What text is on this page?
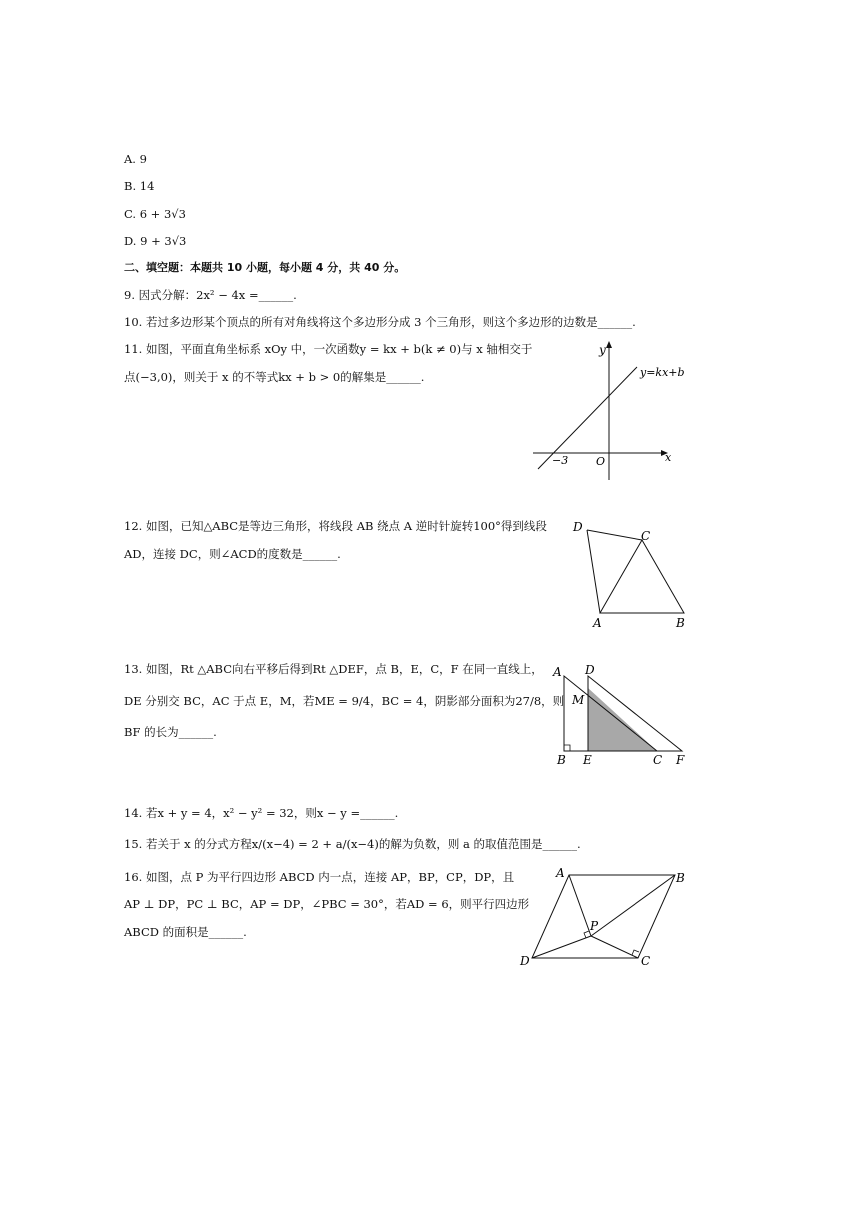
A. 9
B. 14
C. 6 + 3√3
D. 9 + 3√3
二、填空题：本题共 10 小题，每小题 4 分，共 40 分。
9. 因式分解：2x² − 4x =______.
10. 若过多边形某个顶点的所有对角线将这个多边形分成 3 个三角形，则这个多边形的边数是______.
11. 如图，平面直角坐标系 xOy 中，一次函数y = kx + b(k ≠ 0)与 x 轴相交于
点(−3,0)，则关于 x 的不等式kx + b > 0的解集是______.
y
y=kx+b
−3	O	x
12. 如图，已知△ABC是等边三角形，将线段 AB 绕点 A 逆时针旋转100°得到线段
AD，连接 DC，则∠ACD的度数是______.
D
C
A	B
13. 如图，Rt △ABC向右平移后得到Rt △DEF，点 B，E，C，F 在同一直线上，
DE 分别交 BC，AC 于点 E，M，若ME = 9/4，BC = 4，阴影部分面积为27/8，则
BF 的长为______.
A D
M
B E	C F
14. 若x + y = 4，x² − y² = 32，则x − y =______.
15. 若关于 x 的分式方程x/(x−4) = 2 + a/(x−4)的解为负数，则 a 的取值范围是______.
16. 如图，点 P 为平行四边形 ABCD 内一点，连接 AP，BP，CP，DP，且
AP ⊥ DP，PC ⊥ BC，AP = DP，∠PBC = 30°，若AD = 6，则平行四边形
ABCD 的面积是______.
A	B
P
D	C
